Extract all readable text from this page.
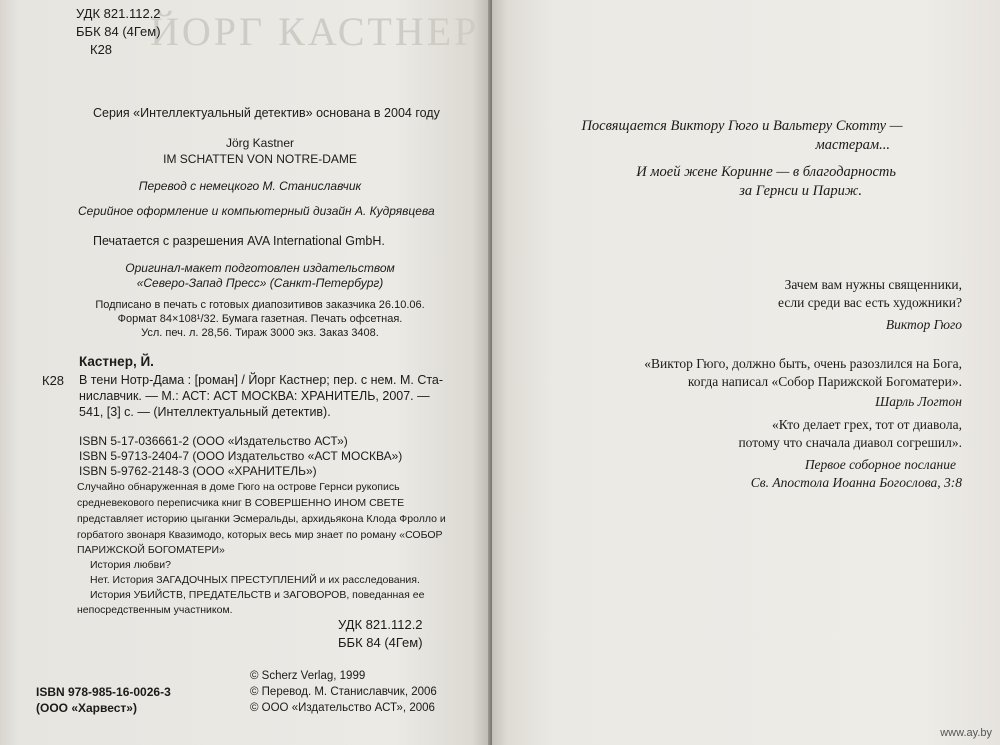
ЙОРГ КАСТНЕР
УДК 821.112.2
ББК 84 (4Гем)
К28
Серия «Интеллектуальный детектив» основана в 2004 году
Jörg Kastner
IM SCHATTEN VON NOTRE-DAME
Перевод с немецкого М. Станиславчик
Серийное оформление и компьютерный дизайн А. Кудрявцева
Печатается с разрешения AVA International GmbH.
Оригинал-макет подготовлен издательством
«Северо-Запад Пресс» (Санкт-Петербург)
Подписано в печать с готовых диапозитивов заказчика 26.10.06.
Формат 84×108¹/32. Бумага газетная. Печать офсетная.
Усл. печ. л. 28,56. Тираж 3000 экз. Заказ 3408.
Кастнер, Й.
К28 В тени Нотр-Дама : [роман] / Йорг Кастнер; пер. с нем. М. Ста-
ниславчик. — М.: АСТ: АСТ МОСКВА: ХРАНИТЕЛЬ, 2007. —
541, [3] с. — (Интеллектуальный детектив).
ISBN 5-17-036661-2 (ООО «Издательство АСТ»)
ISBN 5-9713-2404-7 (ООО Издательство «АСТ МОСКВА»)
ISBN 5-9762-2148-3 (ООО «ХРАНИТЕЛЬ»)
Случайно обнаруженная в доме Гюго на острове Гернси рукопись
средневекового переписчика книг В СОВЕРШЕННО ИНОМ СВЕТЕ
представляет историю цыганки Эсмеральды, архидьякона Клода Фролло и
горбатого звонаря Квазимодо, которых весь мир знает по роману «СОБОР
ПАРИЖСКОЙ БОГОМАТЕРИ»
История любви?
Нет. История ЗАГАДОЧНЫХ ПРЕСТУПЛЕНИЙ и их расследования.
История УБИЙСТВ, ПРЕДАТЕЛЬСТВ и ЗАГОВОРОВ, поведанная ее
непосредственным участником.
УДК 821.112.2
ББК 84 (4Гем)
© Scherz Verlag, 1999
© Перевод. М. Станиславчик, 2006
© ООО «Издательство АСТ», 2006
ISBN 978-985-16-0026-3
(ООО «Харвест»)
Посвящается Виктору Гюго и Вальтеру Скотту —
мастерам...
И моей жене Коринне — в благодарность
за Гернси и Париж.
Зачем вам нужны священники,
если среди вас есть художники?
Виктор Гюго
«Виктор Гюго, должно быть, очень разозлился на Бога,
когда написал «Собор Парижской Богоматери».
Шарль Логтон
«Кто делает грех, тот от диавола,
потому что сначала диавол согрешил».
Первое соборное послание
Св. Апостола Иоанна Богослова, 3:8
www.ay.by
